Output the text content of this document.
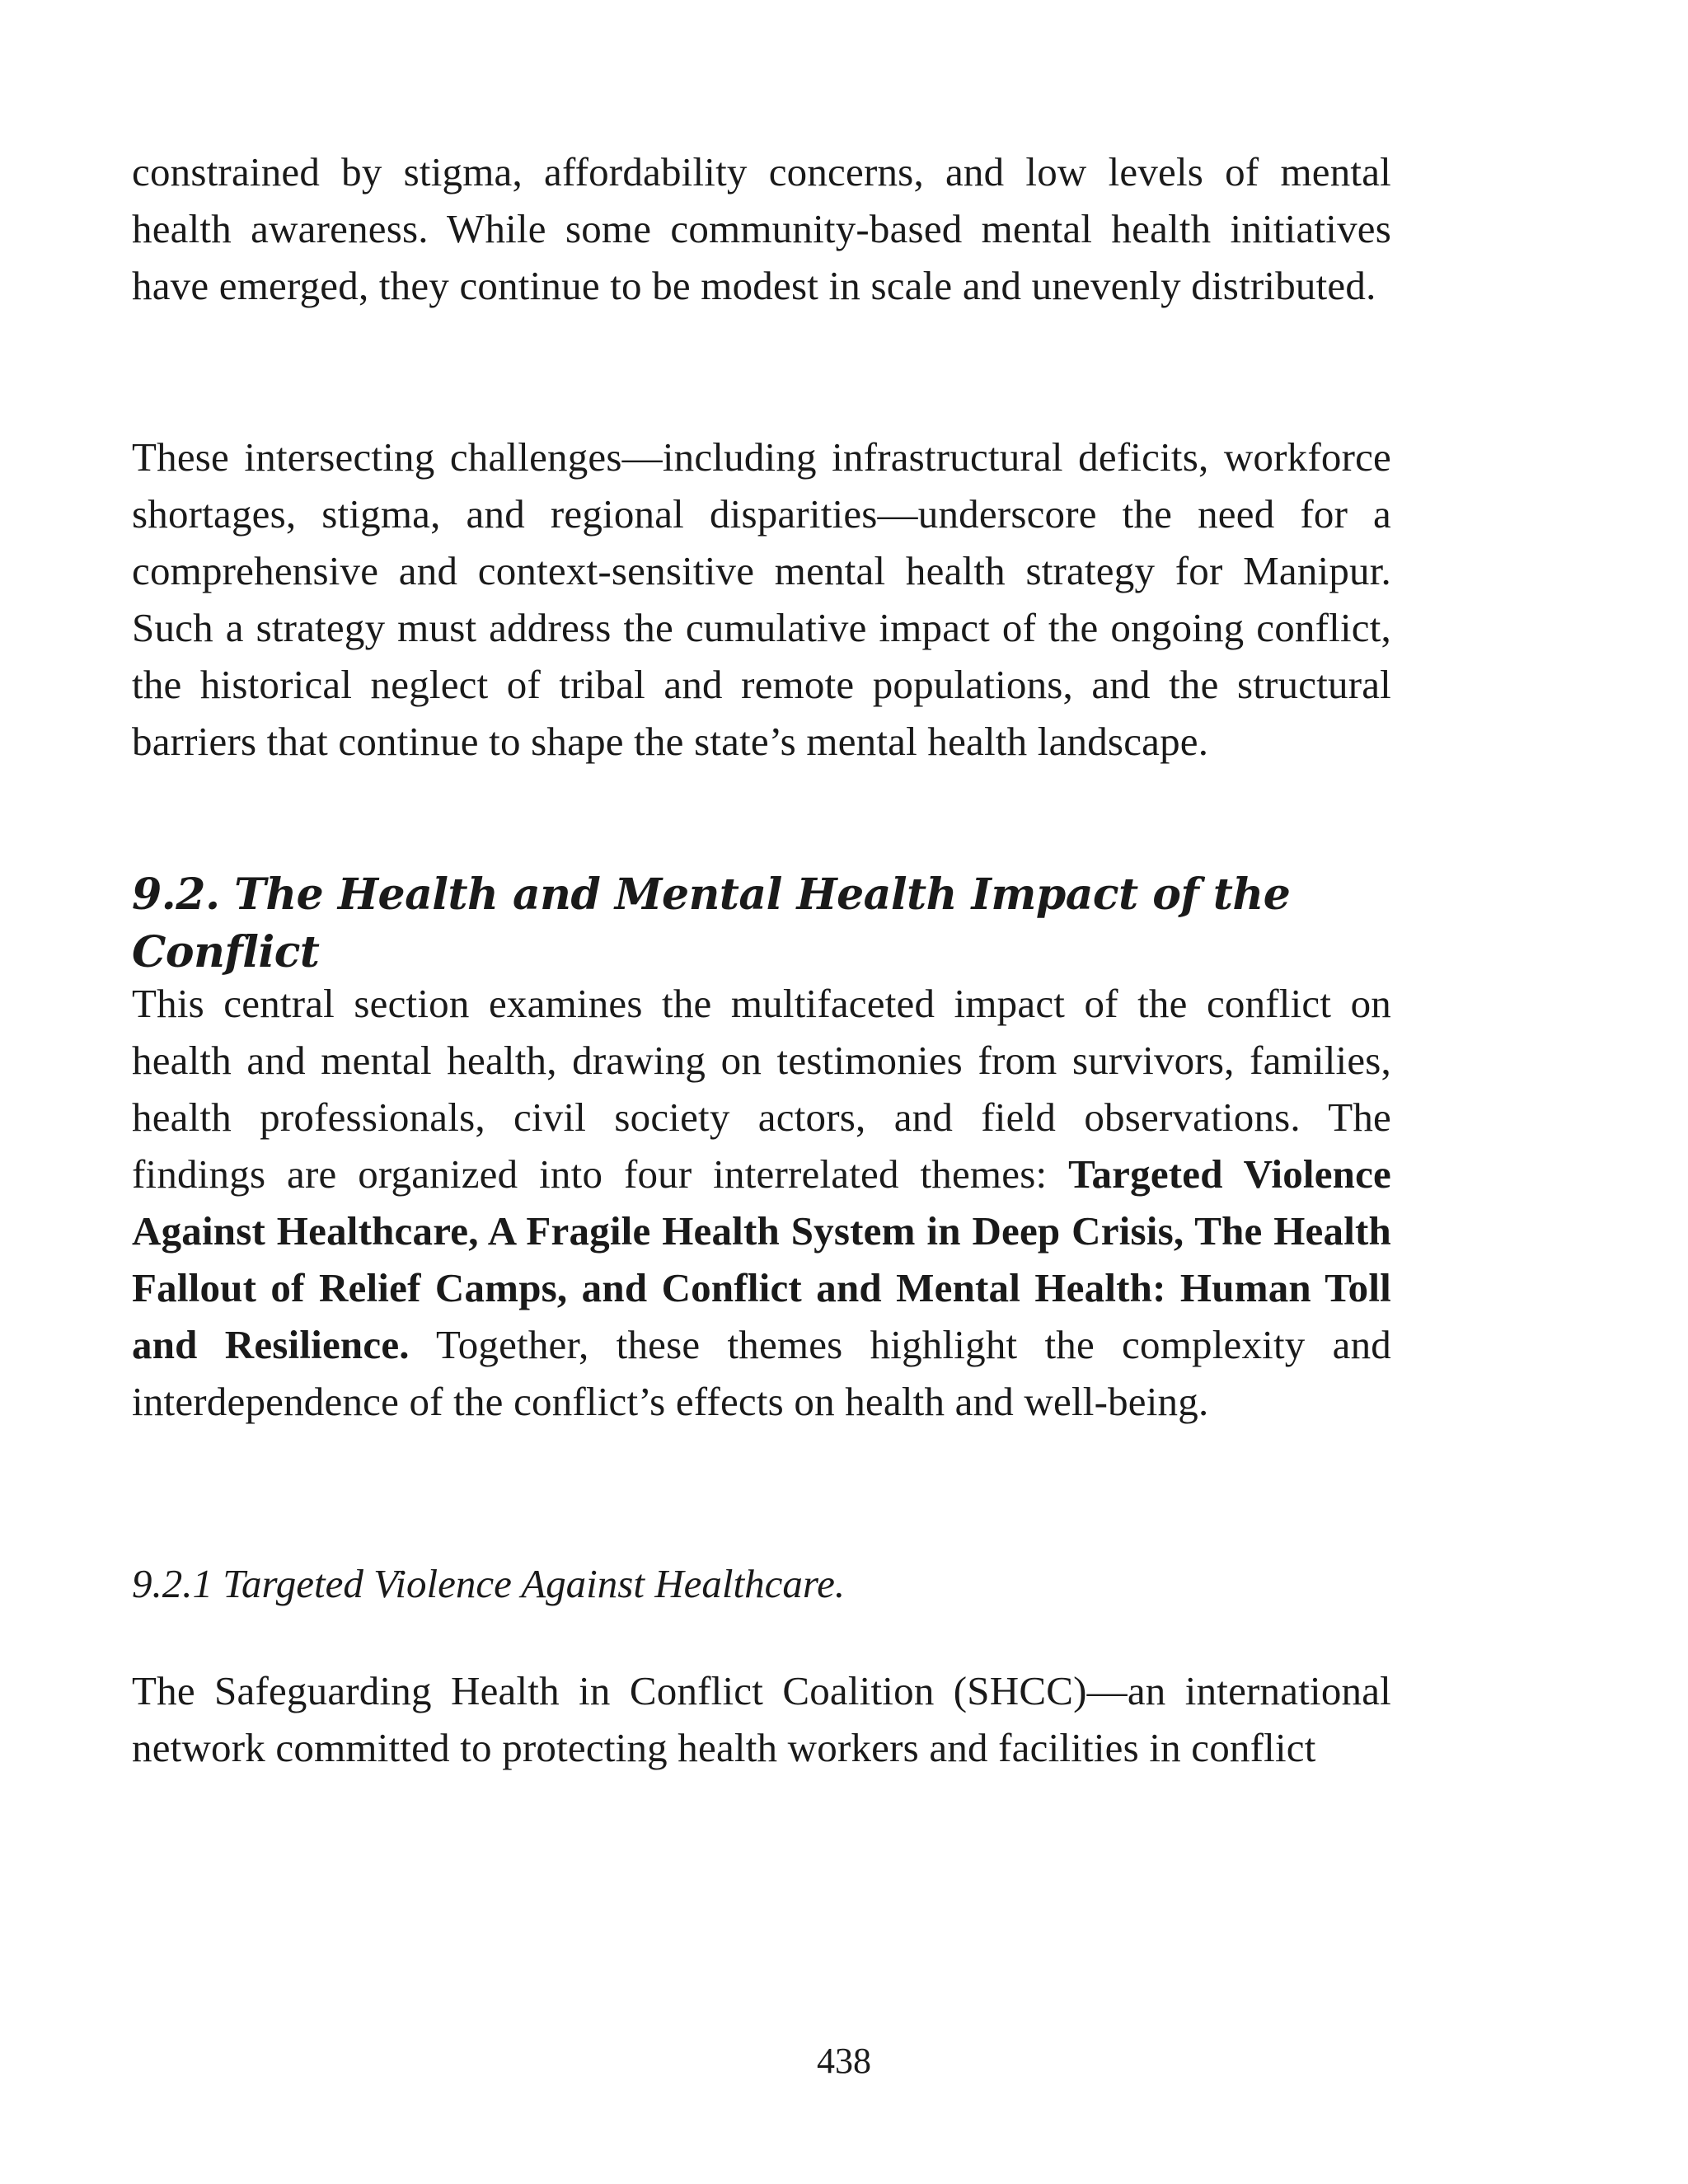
constrained by stigma, affordability concerns, and low levels of mental health awareness. While some community-based mental health initiatives have emerged, they continue to be modest in scale and unevenly distributed.

These intersecting challenges—including infrastructural deficits, workforce shortages, stigma, and regional disparities—underscore the need for a comprehensive and context-sensitive mental health strategy for Manipur. Such a strategy must address the cumulative impact of the ongoing conflict, the historical neglect of tribal and remote populations, and the structural barriers that continue to shape the state’s mental health landscape.

9.2. The Health and Mental Health Impact of the Conflict

This central section examines the multifaceted impact of the conflict on health and mental health, drawing on testimonies from survivors, families, health professionals, civil society actors, and field observations. The findings are organized into four interrelated themes: Targeted Violence Against Healthcare, A Fragile Health System in Deep Crisis, The Health Fallout of Relief Camps, and Conflict and Mental Health: Human Toll and Resilience. Together, these themes highlight the complexity and interdependence of the conflict’s effects on health and well-being.

9.2.1 Targeted Violence Against Healthcare.

The Safeguarding Health in Conflict Coalition (SHCC)—an international network committed to protecting health workers and facilities in conflict

438
